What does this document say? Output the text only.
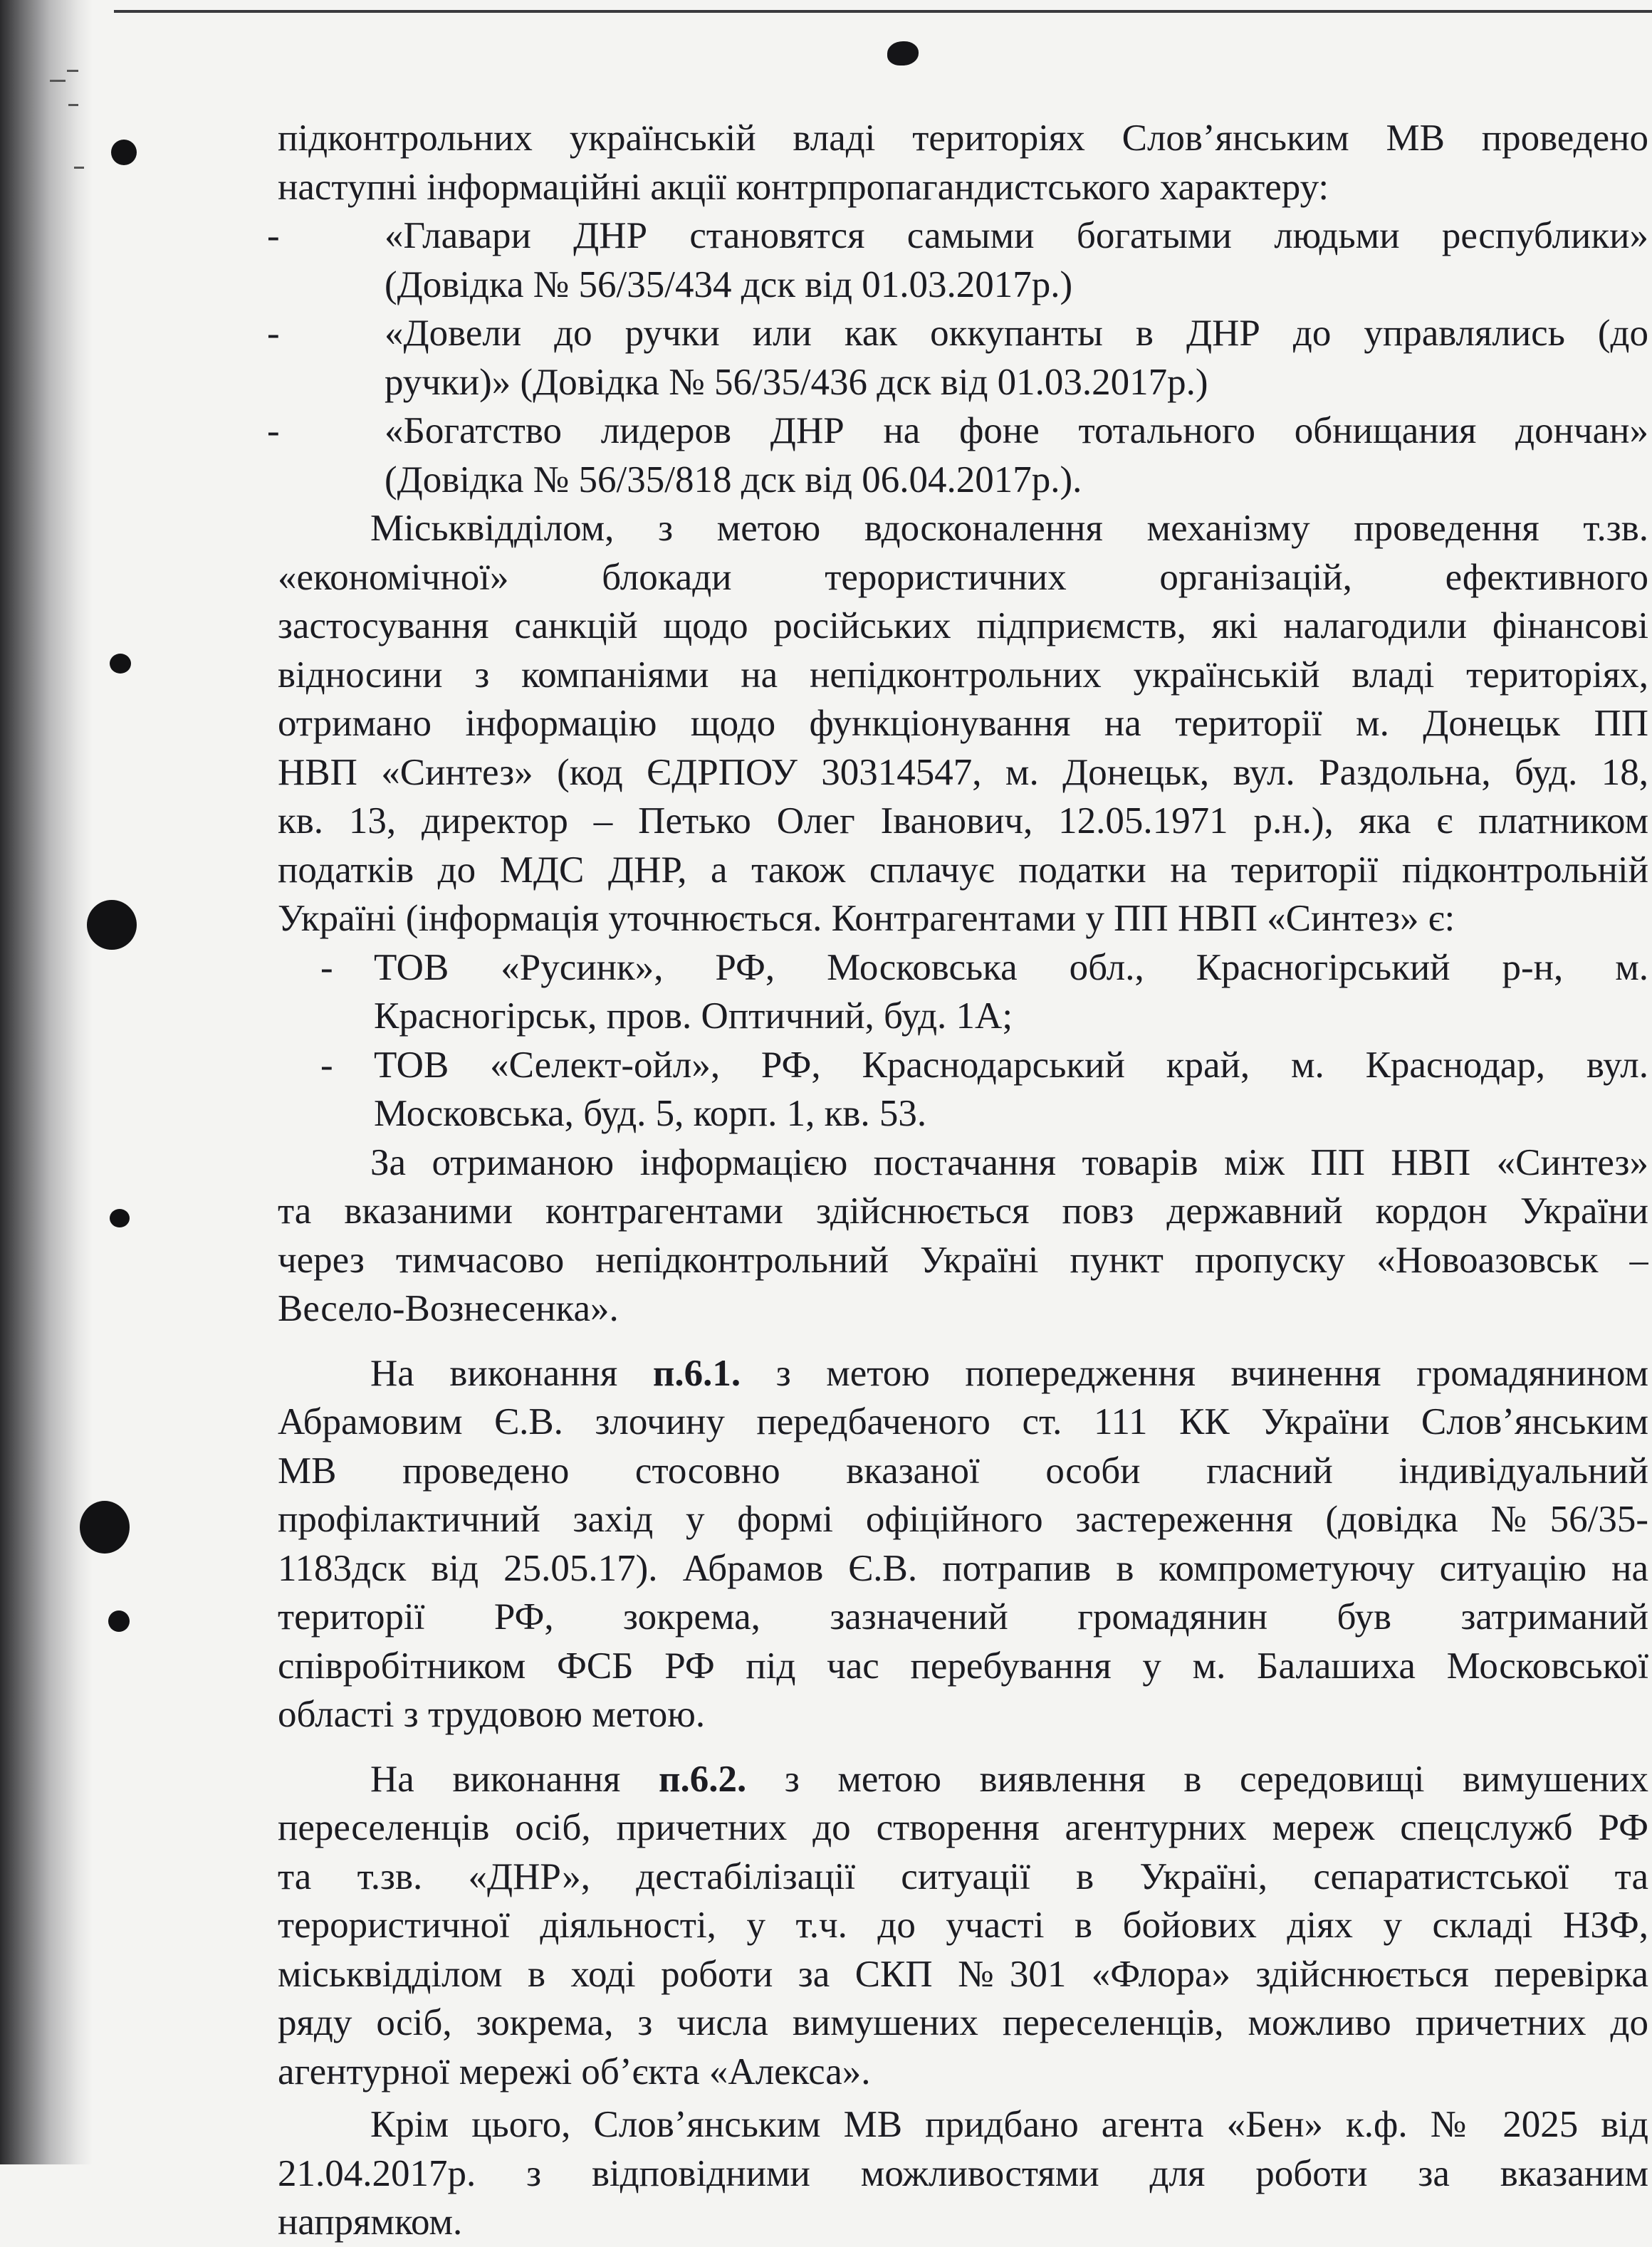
підконтрольних українській владі територіях Слов’янським МВ проведено
наступні інформаційні акції контрпропагандистського характеру:
-	«Главари ДНР становятся самыми богатыми людьми республики»
(Довідка № 56/35/434 дск від 01.03.2017р.)
-	«Довели до ручки или как оккупанты в ДНР до управлялись (до
ручки)» (Довідка № 56/35/436 дск від 01.03.2017р.)
-	«Богатство лидеров ДНР на фоне тотального обнищания дончан»
(Довідка № 56/35/818 дск від 06.04.2017р.).
Міськвідділом, з метою вдосконалення механізму проведення т.зв.
«економічної» блокади терористичних організацій, ефективного
застосування санкцій щодо російських підприємств, які налагодили фінансові
відносини з компаніями на непідконтрольних українській владі територіях,
отримано інформацію щодо функціонування на території м. Донецьк ПП
НВП «Синтез» (код ЄДРПОУ 30314547, м. Донецьк, вул. Раздольна, буд. 18,
кв. 13, директор – Петько Олег Іванович, 12.05.1971 р.н.), яка є платником
податків до МДС ДНР, а також сплачує податки на території підконтрольній
Україні (інформація уточнюється. Контрагентами у ПП НВП «Синтез» є:
-	ТОВ «Русинк», РФ, Московська обл., Красногірський р-н, м.
Красногірськ, пров. Оптичний, буд. 1А;
-	ТОВ «Селект-ойл», РФ, Краснодарський край, м. Краснодар, вул.
Московська, буд. 5, корп. 1, кв. 53.
За отриманою інформацією постачання товарів між ПП НВП «Синтез»
та вказаними контрагентами здійснюється повз державний кордон України
через тимчасово непідконтрольний Україні пункт пропуску «Новоазовськ –
Весело-Вознесенка».
На виконання п.6.1. з метою попередження вчинення громадянином
Абрамовим Є.В. злочину передбаченого ст. 111 КК України Слов’янським
МВ проведено стосовно вказаної особи гласний індивідуальний
профілактичний захід у формі офіційного застереження (довідка №56/35-
1183дск від 25.05.17). Абрамов Є.В. потрапив в компрометуючу ситуацію на
території РФ, зокрема, зазначений громадянин був затриманий
співробітником ФСБ РФ під час перебування у м. Балашиха Московської
області з трудовою метою.
На виконання п.6.2. з метою виявлення в середовищі вимушених
переселенців осіб, причетних до створення агентурних мереж спецслужб РФ
та т.зв. «ДНР», дестабілізації ситуації в Україні, сепаратистської та
терористичної діяльності, у т.ч. до участі в бойових діях у складі НЗФ,
міськвідділом в ході роботи за СКП №301 «Флора» здійснюється перевірка
ряду осіб, зокрема, з числа вимушених переселенців, можливо причетних до
агентурної мережі об’єкта «Алекса».
Крім цього, Слов’янським МВ придбано агента «Бен» к.ф. № 2025 від
21.04.2017р. з відповідними можливостями для роботи за вказаним
напрямком.
